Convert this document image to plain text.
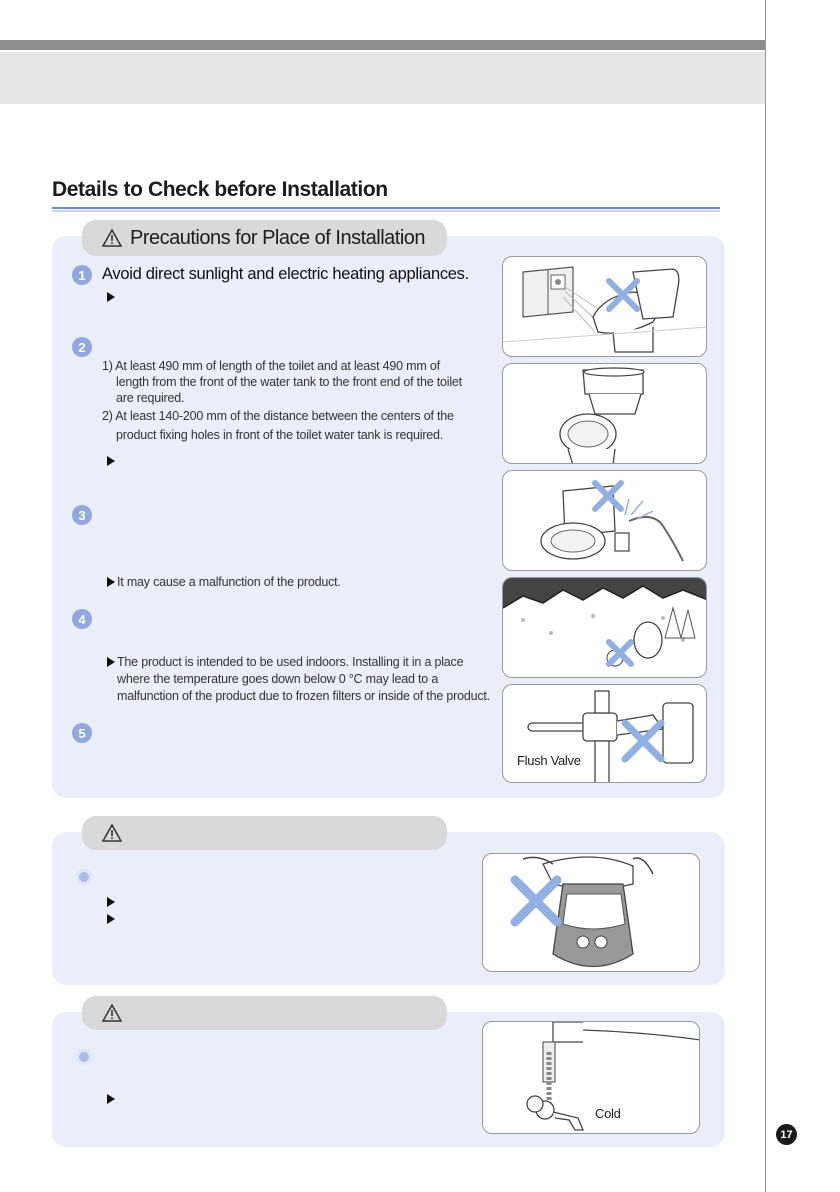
Details to Check before Installation
Precautions for Place of Installation
1 Avoid direct sunlight and electric heating appliances.
2
1) At least 490 mm of length of the toilet and at least 490 mm of
length from the front of the water tank to the front end of the toilet
are required.
2) At least 140-200 mm of the distance between the centers of the
product fixing holes in front of the toilet water tank is required.
3
It may cause a malfunction of the product.
4
The product is intended to be used indoors. Installing it in a place
where the temperature goes down below 0 °C may lead to a
malfunction of the product due to frozen filters or inside of the product.
5
Flush Valve
Cold
17
